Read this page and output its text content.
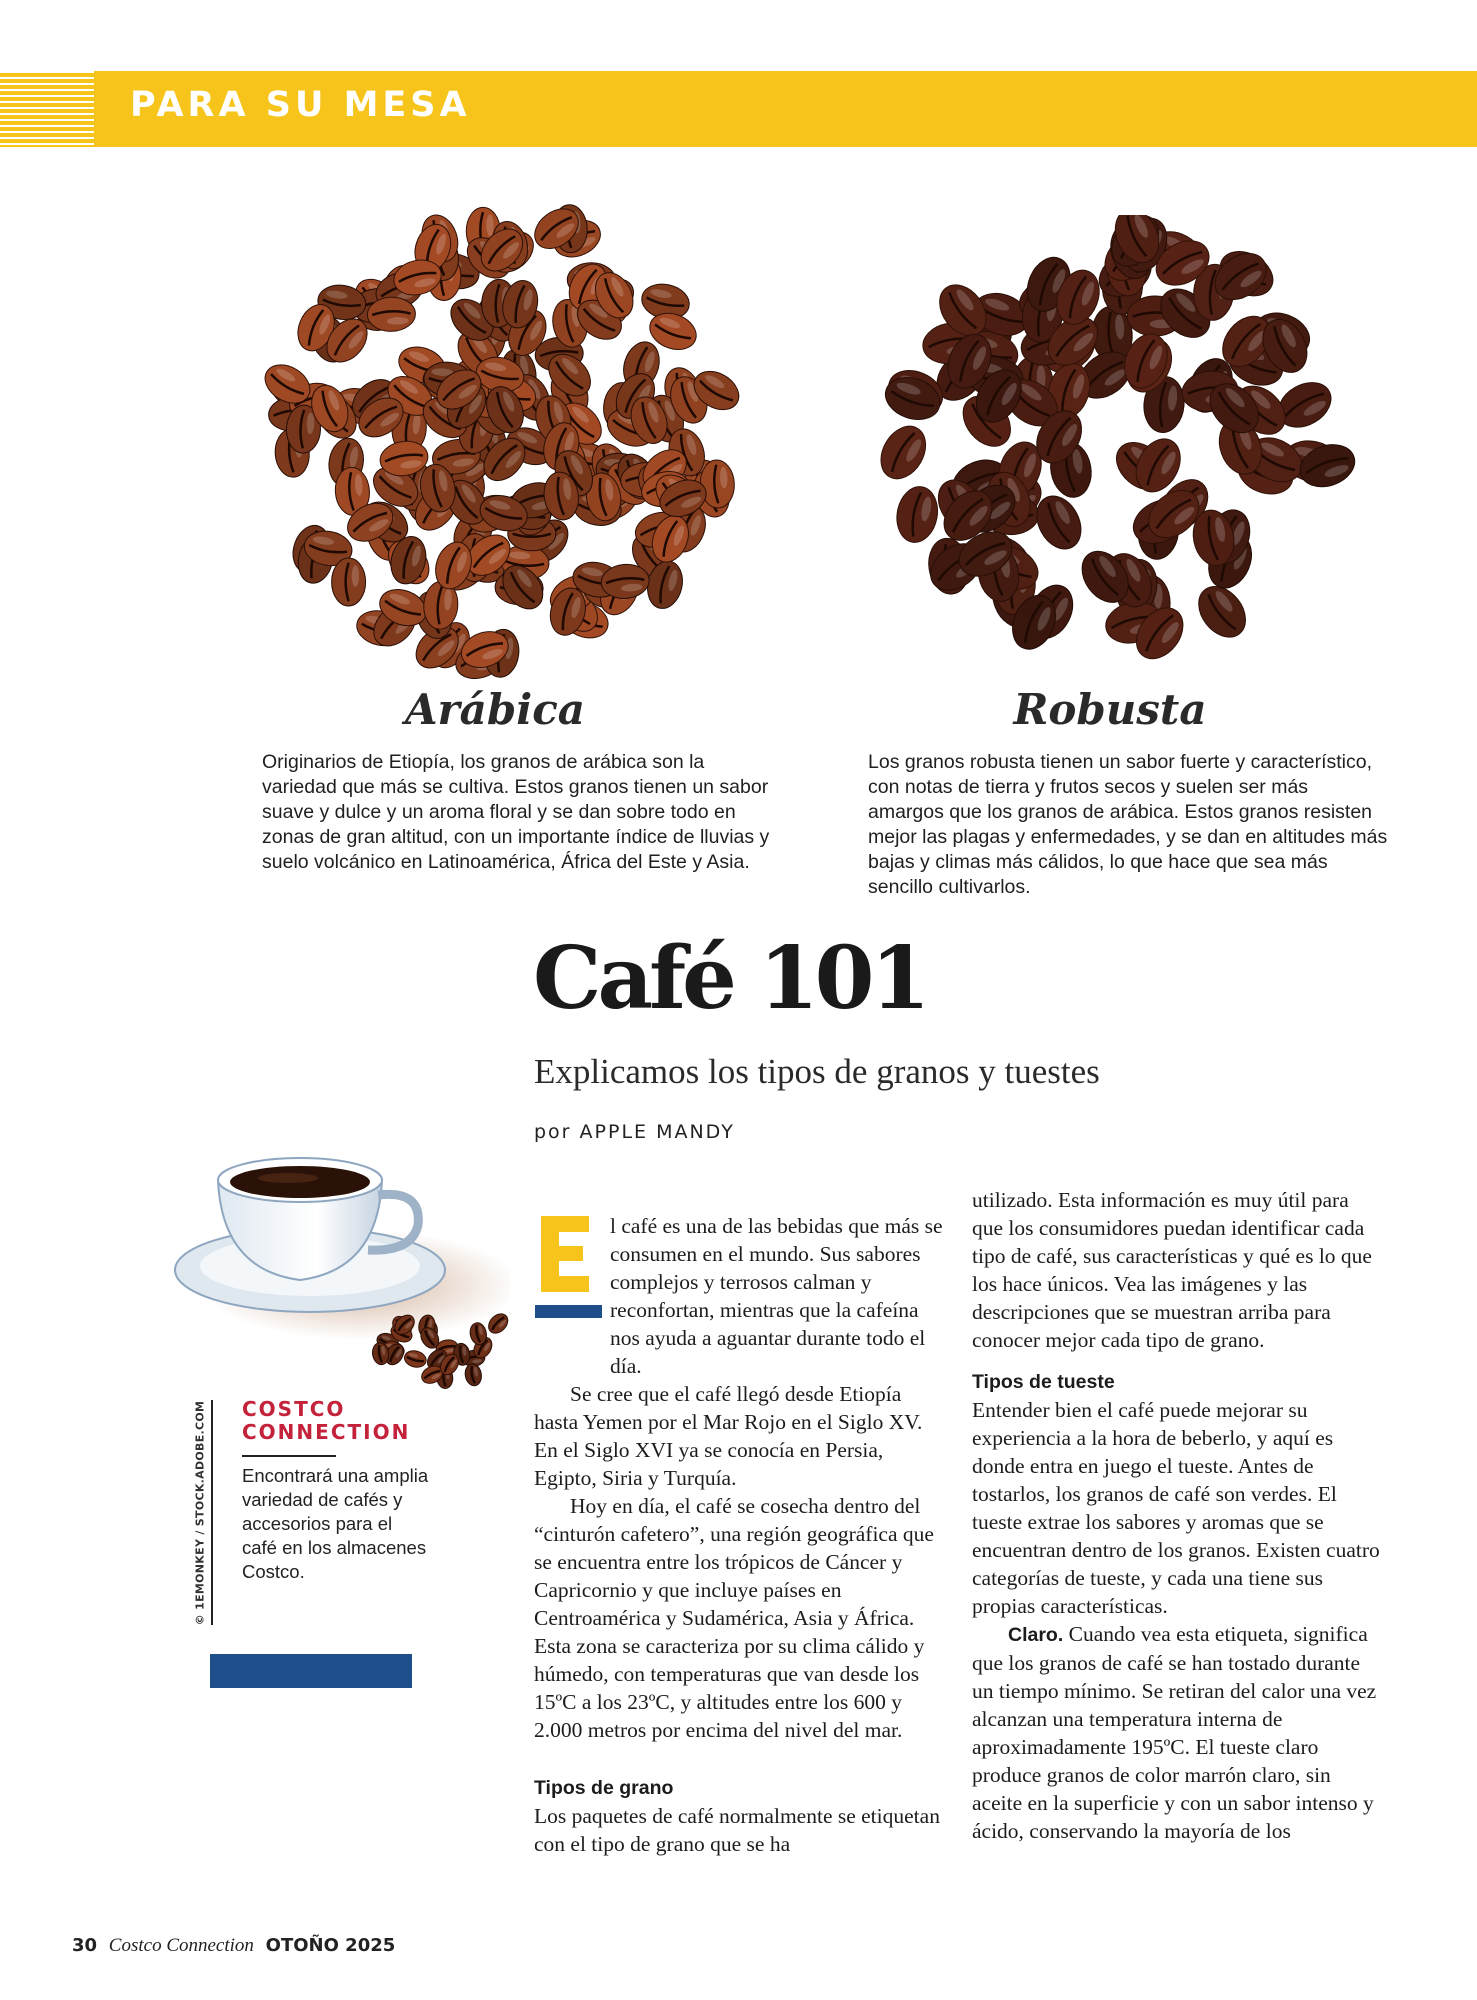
PARA SU MESA
Arábica	Robusta
Originarios de Etiopía, los granos de arábica son la variedad que más se cultiva. Estos granos tienen un sabor suave y dulce y un aroma floral y se dan sobre todo en zonas de gran altitud, con un importante índice de lluvias y suelo volcánico en Latinoamérica, África del Este y Asia.
Los granos robusta tienen un sabor fuerte y característico, con notas de tierra y frutos secos y suelen ser más amargos que los granos de arábica. Estos granos resisten mejor las plagas y enfermedades, y se dan en altitudes más bajas y climas más cálidos, lo que hace que sea más sencillo cultivarlos.
Café 101
Explicamos los tipos de granos y tuestes
por APPLE MANDY
© 1EMONKEY / STOCK.ADOBE.COM COSTCO
CONNECTION
Encontrará una amplia variedad de cafés y accesorios para el café en los almacenes Costco.
E	l café es una de las bebidas que más se consumen en el mundo. Sus sabores complejos y terrosos calman y reconfortan, mientras que la cafeína nos ayuda a aguantar durante todo el día.

Se cree que el café llegó desde Etiopía hasta Yemen por el Mar Rojo en el Siglo XV. En el Siglo XVI ya se conocía en Persia, Egipto, Siria y Turquía.

Hoy en día, el café se cosecha dentro del “cinturón cafetero”, una región geográfica que se encuentra entre los trópicos de Cáncer y Capricornio y que incluye países en Centroamérica y Sudamérica, Asia y África. Esta zona se caracteriza por su clima cálido y húmedo, con temperaturas que van desde los 15ºC a los 23ºC, y altitudes entre los 600 y 2.000 metros por encima del nivel del mar.

Tipos de grano

Los paquetes de café normalmente se etiquetan con el tipo de grano que se ha

utilizado. Esta información es muy útil para que los consumidores puedan identificar cada tipo de café, sus características y qué es lo que los hace únicos. Vea las imágenes y las descripciones que se muestran arriba para conocer mejor cada tipo de grano.

Tipos de tueste

Entender bien el café puede mejorar su experiencia a la hora de beberlo, y aquí es donde entra en juego el tueste. Antes de tostarlos, los granos de café son verdes. El tueste extrae los sabores y aromas que se encuentran dentro de los granos. Existen cuatro categorías de tueste, y cada una tiene sus propias características.

Claro. Cuando vea esta etiqueta, significa que los granos de café se han tostado durante un tiempo mínimo. Se retiran del calor una vez alcanzan una temperatura interna de aproximadamente 195ºC. El tueste claro produce granos de color marrón claro, sin aceite en la superficie y con un sabor intenso y ácido, conservando la mayoría de los

30 Costco Connection OTOÑO 2025
